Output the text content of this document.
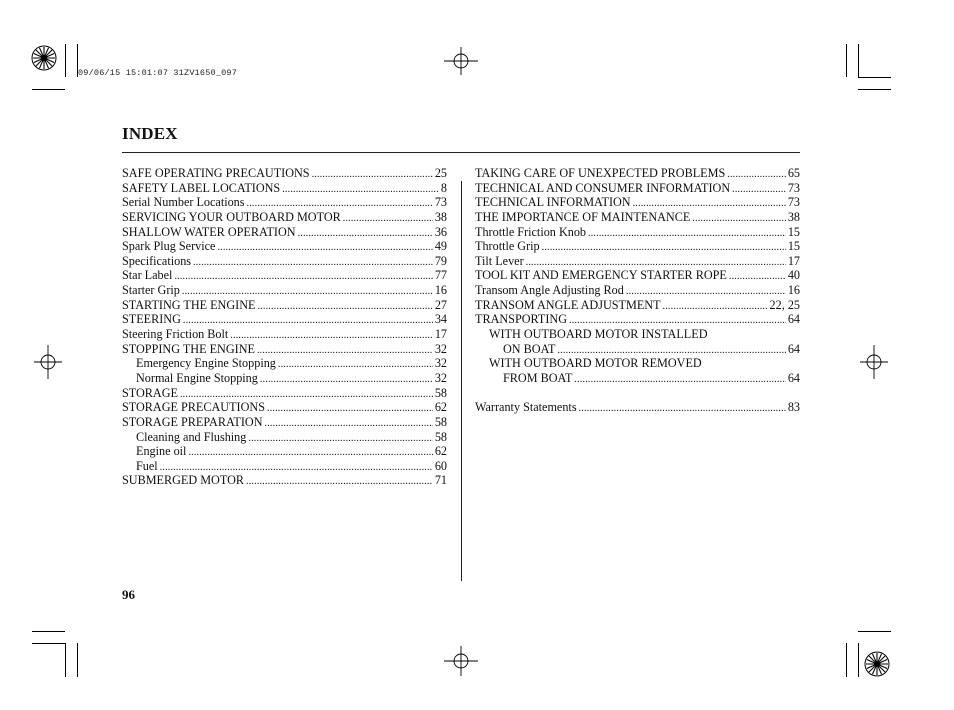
09/06/15 15:01:07 31ZV1650_097
INDEX
SAFE OPERATING PRECAUTIONS .....	25
SAFETY LABEL LOCATIONS .....	8
Serial Number Locations .....	73
SERVICING YOUR OUTBOARD MOTOR .....	38
SHALLOW WATER OPERATION .....	36
Spark Plug Service .....	49
Specifications .....	79
Star Label .....	77
Starter Grip .....	16
STARTING THE ENGINE .....	27
STEERING .....	34
Steering Friction Bolt .....	17
STOPPING THE ENGINE .....	32
Emergency Engine Stopping .....	32
Normal Engine Stopping .....	32
STORAGE .....	58
STORAGE PRECAUTIONS .....	62
STORAGE PREPARATION .....	58
Cleaning and Flushing .....	58
Engine oil .....	62
Fuel .....	60
SUBMERGED MOTOR .....	71
TAKING CARE OF UNEXPECTED PROBLEMS .....	65
TECHNICAL AND CONSUMER INFORMATION .....	73
TECHNICAL INFORMATION .....	73
THE IMPORTANCE OF MAINTENANCE .....	38
Throttle Friction Knob .....	15
Throttle Grip .....	15
Tilt Lever .....	17
TOOL KIT AND EMERGENCY STARTER ROPE .....	40
Transom Angle Adjusting Rod .....	16
TRANSOM ANGLE ADJUSTMENT .....	22, 25
TRANSPORTING .....	64
WITH OUTBOARD MOTOR INSTALLED
ON BOAT .....	64
WITH OUTBOARD MOTOR REMOVED
FROM BOAT .....	64
Warranty Statements .....	83
96
